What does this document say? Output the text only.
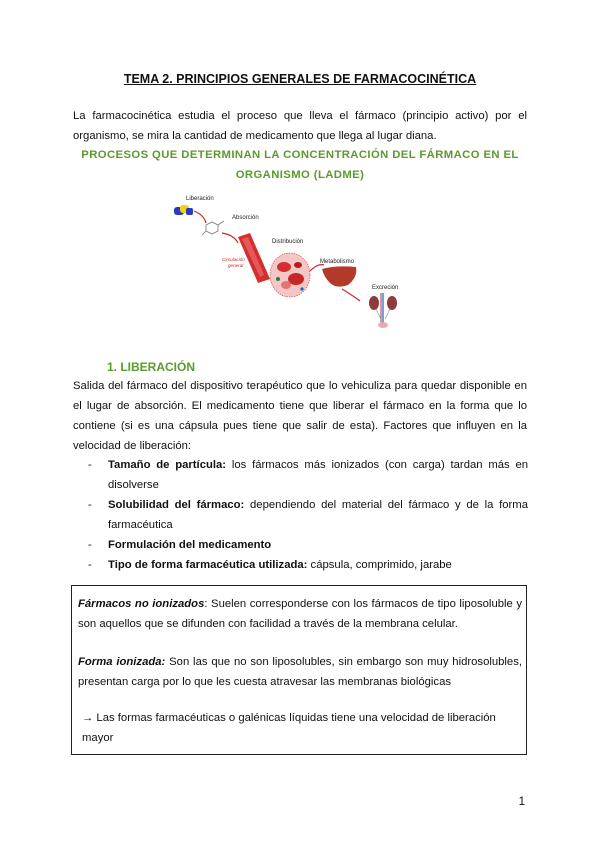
TEMA 2. PRINCIPIOS GENERALES DE FARMACOCINÉTICA
La farmacocinética estudia el proceso que lleva el fármaco (principio activo) por el organismo, se mira la cantidad de medicamento que llega al lugar diana.
PROCESOS QUE DETERMINAN LA CONCENTRACIÓN DEL FÁRMACO EN EL
ORGANISMO (LADME)
Liberación
Absorción
Circulación
general
Distribución
Metabolismo
Excreción
1. LIBERACIÓN
Salida del fármaco del dispositivo terapéutico que lo vehiculiza para quedar disponible en el lugar de absorción. El medicamento tiene que liberar el fármaco en la forma que lo contiene (si es una cápsula pues tiene que salir de esta). Factores que influyen en la velocidad de liberación:
- Tamaño de partícula: los fármacos más ionizados (con carga) tardan más en disolverse
- Solubilidad del fármaco: dependiendo del material del fármaco y de la forma farmacéutica
- Formulación del medicamento
- Tipo de forma farmacéutica utilizada: cápsula, comprimido, jarabe
Fármacos no ionizados: Suelen corresponderse con los fármacos de tipo liposoluble y son aquellos que se difunden con facilidad a través de la membrana celular.
Forma ionizada: Son las que no son liposolubles, sin embargo son muy hidrosolubles, presentan carga por lo que les cuesta atravesar las membranas biológicas
→ Las formas farmacéuticas o galénicas líquidas tiene una velocidad de liberación mayor
1
